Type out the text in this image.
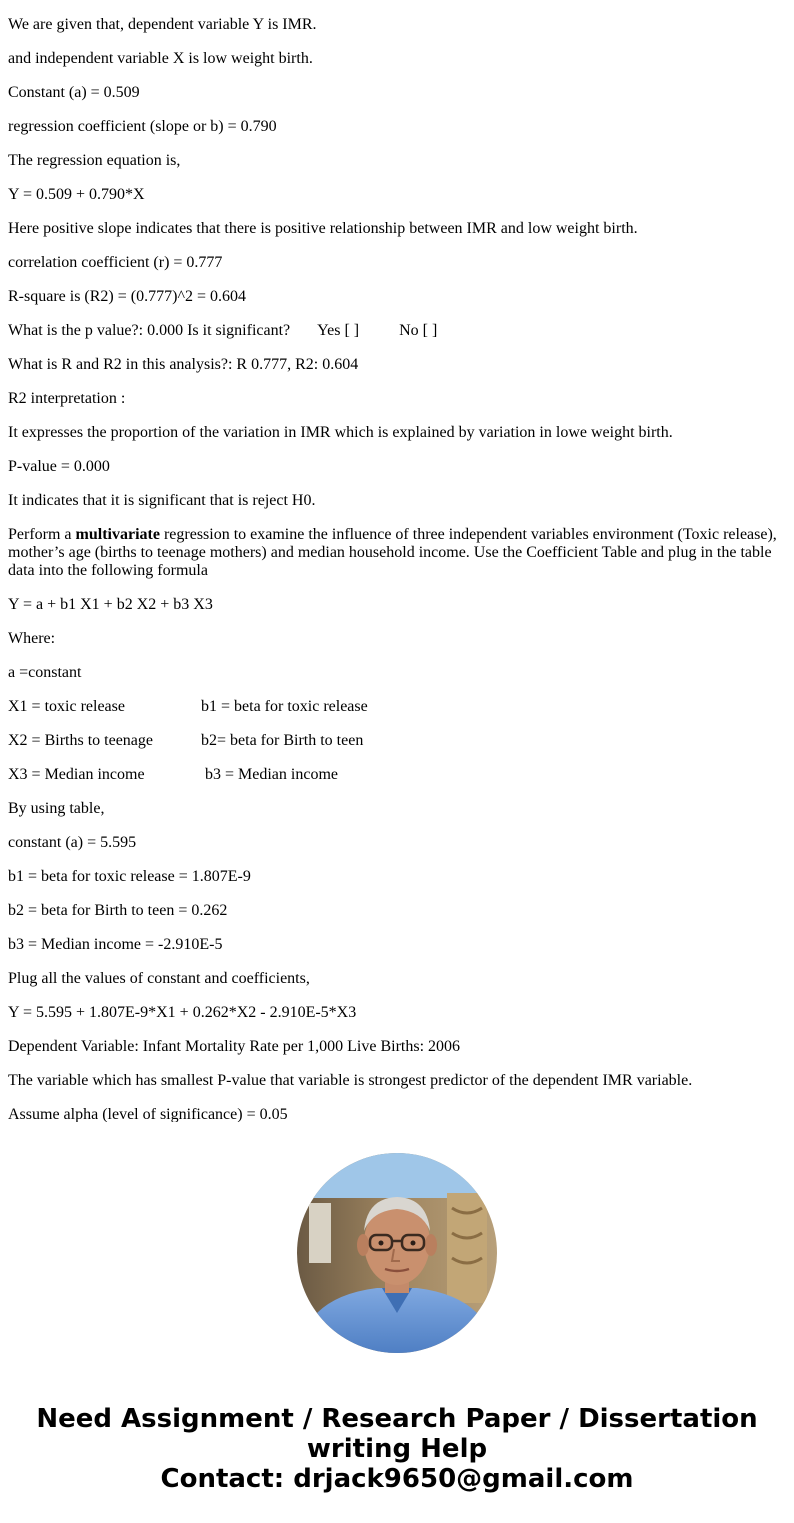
We are given that, dependent variable Y is IMR.

and independent variable X is low weight birth.

Constant (a) = 0.509

regression coefficient (slope or b) = 0.790

The regression equation is,

Y = 0.509 + 0.790*X

Here positive slope indicates that there is positive relationship between IMR and low weight birth.

correlation coefficient (r) = 0.777

R-square is (R2) = (0.777)^2 = 0.604

What is the p value?: 0.000 Is it significant? Yes [ ]	No [ ]

What is R and R2 in this analysis?: R 0.777, R2: 0.604

R2 interpretation :

It expresses the proportion of the variation in IMR which is explained by variation in lowe weight birth.

P-value = 0.000

It indicates that it is significant that is reject H0.

Perform a multivariate regression to examine the influence of three independent variables environment (Toxic release), mother’s age (births to teenage mothers) and median household income. Use the Coefficient Table and plug in the table data into the following formula

Y = a + b1 X1 + b2 X2 + b3 X3

Where:

a =constant

X1 = toxic release	b1 = beta for toxic release

X2 = Births to teenage	b2= beta for Birth to teen

X3 = Median income	b3 = Median income

By using table,

constant (a) = 5.595

b1 = beta for toxic release = 1.807E-9

b2 = beta for Birth to teen = 0.262

b3 = Median income = -2.910E-5

Plug all the values of constant and coefficients,

Y = 5.595 + 1.807E-9*X1 + 0.262*X2 - 2.910E-5*X3

Dependent Variable: Infant Mortality Rate per 1,000 Live Births: 2006

The variable which has smallest P-value that variable is strongest predictor of the dependent IMR variable.

Assume alpha (level of significance) = 0.05

Need Assignment / Research Paper / Dissertation writing Help
Contact: drjack9650@gmail.com
